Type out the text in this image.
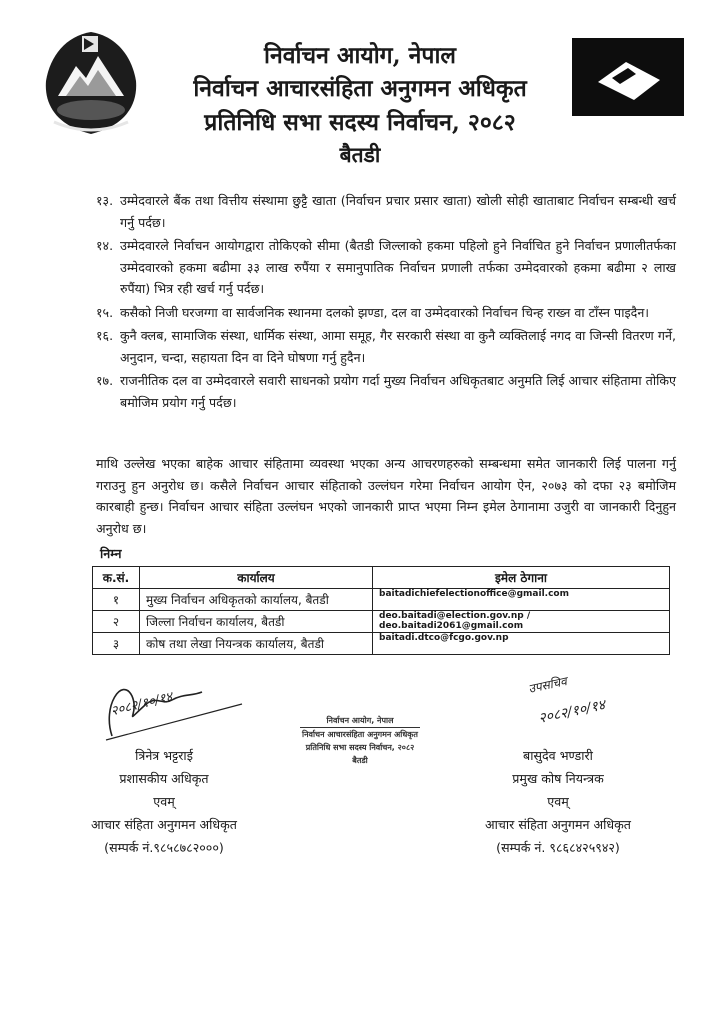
निर्वाचन आयोग, नेपाल
निर्वाचन आचारसंहिता अनुगमन अधिकृत
प्रतिनिधि सभा सदस्य निर्वाचन, २०८२
बैतडी
१३. उम्मेदवारले बैंक तथा वित्तीय संस्थामा छुट्टै खाता (निर्वाचन प्रचार प्रसार खाता) खोली सोही खाताबाट निर्वाचन सम्बन्धी खर्च गर्नु पर्दछ।
१४. उम्मेदवारले निर्वाचन आयोगद्वारा तोकिएको सीमा (बैतडी जिल्लाको हकमा पहिलो हुने निर्वाचित हुने निर्वाचन प्रणालीतर्फका उम्मेदवारको हकमा बढीमा ३३ लाख रुपैंया र समानुपातिक निर्वाचन प्रणाली तर्फका उम्मेदवारको हकमा बढीमा २ लाख रुपैंया) भित्र रही खर्च गर्नु पर्दछ।
१५. कसैको निजी घरजग्गा वा सार्वजनिक स्थानमा दलको झण्डा, दल वा उम्मेदवारको निर्वाचन चिन्ह राख्न वा टाँस्न पाइदैन।
१६. कुनै क्लब, सामाजिक संस्था, धार्मिक संस्था, आमा समूह, गैर सरकारी संस्था वा कुनै व्यक्तिलाई नगद वा जिन्सी वितरण गर्ने, अनुदान, चन्दा, सहायता दिन वा दिने घोषणा गर्नु हुदैन।
१७. राजनीतिक दल वा उम्मेदवारले सवारी साधनको प्रयोग गर्दा मुख्य निर्वाचन अधिकृतबाट अनुमति लिई आचार संहितामा तोकिए बमोजिम प्रयोग गर्नु पर्दछ।
माथि उल्लेख भएका बाहेक आचार संहितामा व्यवस्था भएका अन्य आचरणहरुको सम्बन्धमा समेत जानकारी लिई पालना गर्नु गराउनु हुन अनुरोध छ। कसैले निर्वाचन आचार संहिताको उल्लंघन गरेमा निर्वाचन आयोग ऐन, २०७३ को दफा २३ बमोजिम कारबाही हुन्छ। निर्वाचन आचार संहिता उल्लंघन भएको जानकारी प्राप्त भएमा निम्न इमेल ठेगानामा उजुरी वा जानकारी दिनुहुन अनुरोध छ।
निम्न
क.सं.	कार्यालय	इमेल ठेगाना
१	मुख्य निर्वाचन अधिकृतको कार्यालय, बैतडी	baitadichiefelectionoffice@gmail.com
२	जिल्ला निर्वाचन कार्यालय, बैतडी	deo.baitadi@election.gov.np / deo.baitadi2061@gmail.com
३	कोष तथा लेखा नियन्त्रक कार्यालय, बैतडी	baitadi.dtco@fcgo.gov.np
२०८२/१०/१४
उपसचिव
२०८२/१०/१४
निर्वाचन आयोग, नेपाल
निर्वाचन आचारसंहिता अनुगमन अधिकृत
प्रतिनिधि सभा सदस्य निर्वाचन, २०८२
बैतडी
त्रिनेत्र भट्टराई
प्रशासकीय अधिकृत
एवम्
आचार संहिता अनुगमन अधिकृत
(सम्पर्क नं.९८५८७८२०००)
बासुदेव भण्डारी
प्रमुख कोष नियन्त्रक
एवम्
आचार संहिता अनुगमन अधिकृत
(सम्पर्क नं. ९८६८४२५९४२)
